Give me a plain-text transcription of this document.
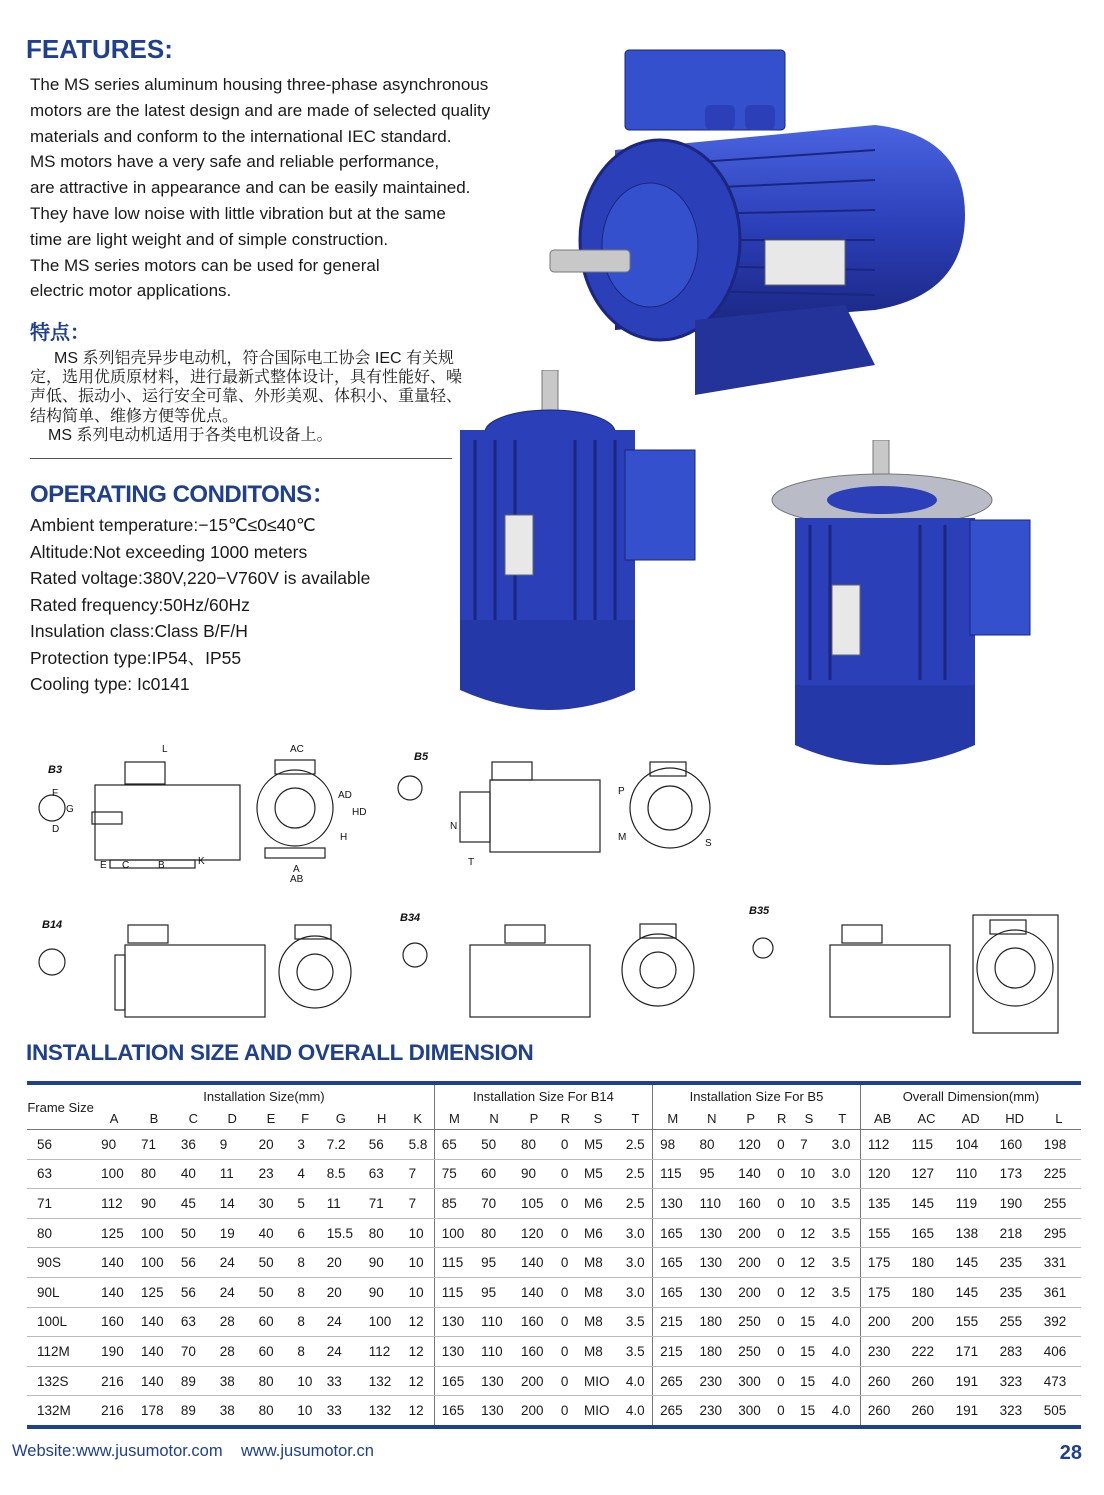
FEATURES:
The MS series aluminum housing three-phase asynchronous
motors are the latest design and are made of selected quality
materials and conform to the international IEC standard.
MS motors have a very safe and reliable performance,
are attractive in appearance and can be easily maintained.
They have low noise with little vibration but at the same
time are light weight and of simple construction.
The MS series motors can be used for general
electric motor applications.
特点：
MS 系列铝壳异步电动机，符合国际电工协会 IEC 有关规
定，选用优质原材料，进行最新式整体设计，具有性能好、噪
声低、振动小、运行安全可靠、外形美观、体积小、重量轻、
结构简单、维修方便等优点。
MS 系列电动机适用于各类电机设备上。
OPERATING CONDITONS：
Ambient temperature:−15℃≤0≤40℃
Altitude:Not exceeding 1000 meters
Rated voltage:380V,220−V760V is available
Rated frequency:50Hz/60Hz
Insulation class:Class B/F/H
Protection type:IP54、IP55
Cooling type: Ic0141
B3
B5
B14
B34
B35
L	AC
AD
HD
H
AB
A
B
C
E	K
F
G
D	N
T
P
M
S
INSTALLATION SIZE AND OVERALL DIMENSION
Frame Size	Installation Size(mm)									Installation Size For B14						Installation Size For B5						Overall Dimension(mm)				
	A	B	C	D	E	F	G	H	K	M	N	P	R	S	T	M	N	P	R	S	T	AB	AC	AD	HD	L
56	90	71	36	9	20	3	7.2	56	5.8	65	50	80	0	M5	2.5	98	80	120	0	7	3.0	112	115	104	160	198
63	100	80	40	11	23	4	8.5	63	7	75	60	90	0	M5	2.5	115	95	140	0	10	3.0	120	127	110	173	225
71	112	90	45	14	30	5	11	71	7	85	70	105	0	M6	2.5	130	110	160	0	10	3.5	135	145	119	190	255
80	125	100	50	19	40	6	15.5	80	10	100	80	120	0	M6	3.0	165	130	200	0	12	3.5	155	165	138	218	295
90S	140	100	56	24	50	8	20	90	10	115	95	140	0	M8	3.0	165	130	200	0	12	3.5	175	180	145	235	331
90L	140	125	56	24	50	8	20	90	10	115	95	140	0	M8	3.0	165	130	200	0	12	3.5	175	180	145	235	361
100L	160	140	63	28	60	8	24	100	12	130	110	160	0	M8	3.5	215	180	250	0	15	4.0	200	200	155	255	392
112M	190	140	70	28	60	8	24	112	12	130	110	160	0	M8	3.5	215	180	250	0	15	4.0	230	222	171	283	406
132S	216	140	89	38	80	10	33	132	12	165	130	200	0	MIO	4.0	265	230	300	0	15	4.0	260	260	191	323	473
132M	216	178	89	38	80	10	33	132	12	165	130	200	0	MIO	4.0	265	230	300	0	15	4.0	260	260	191	323	505
Website:www.jusumotor.com    www.jusumotor.cn	28
